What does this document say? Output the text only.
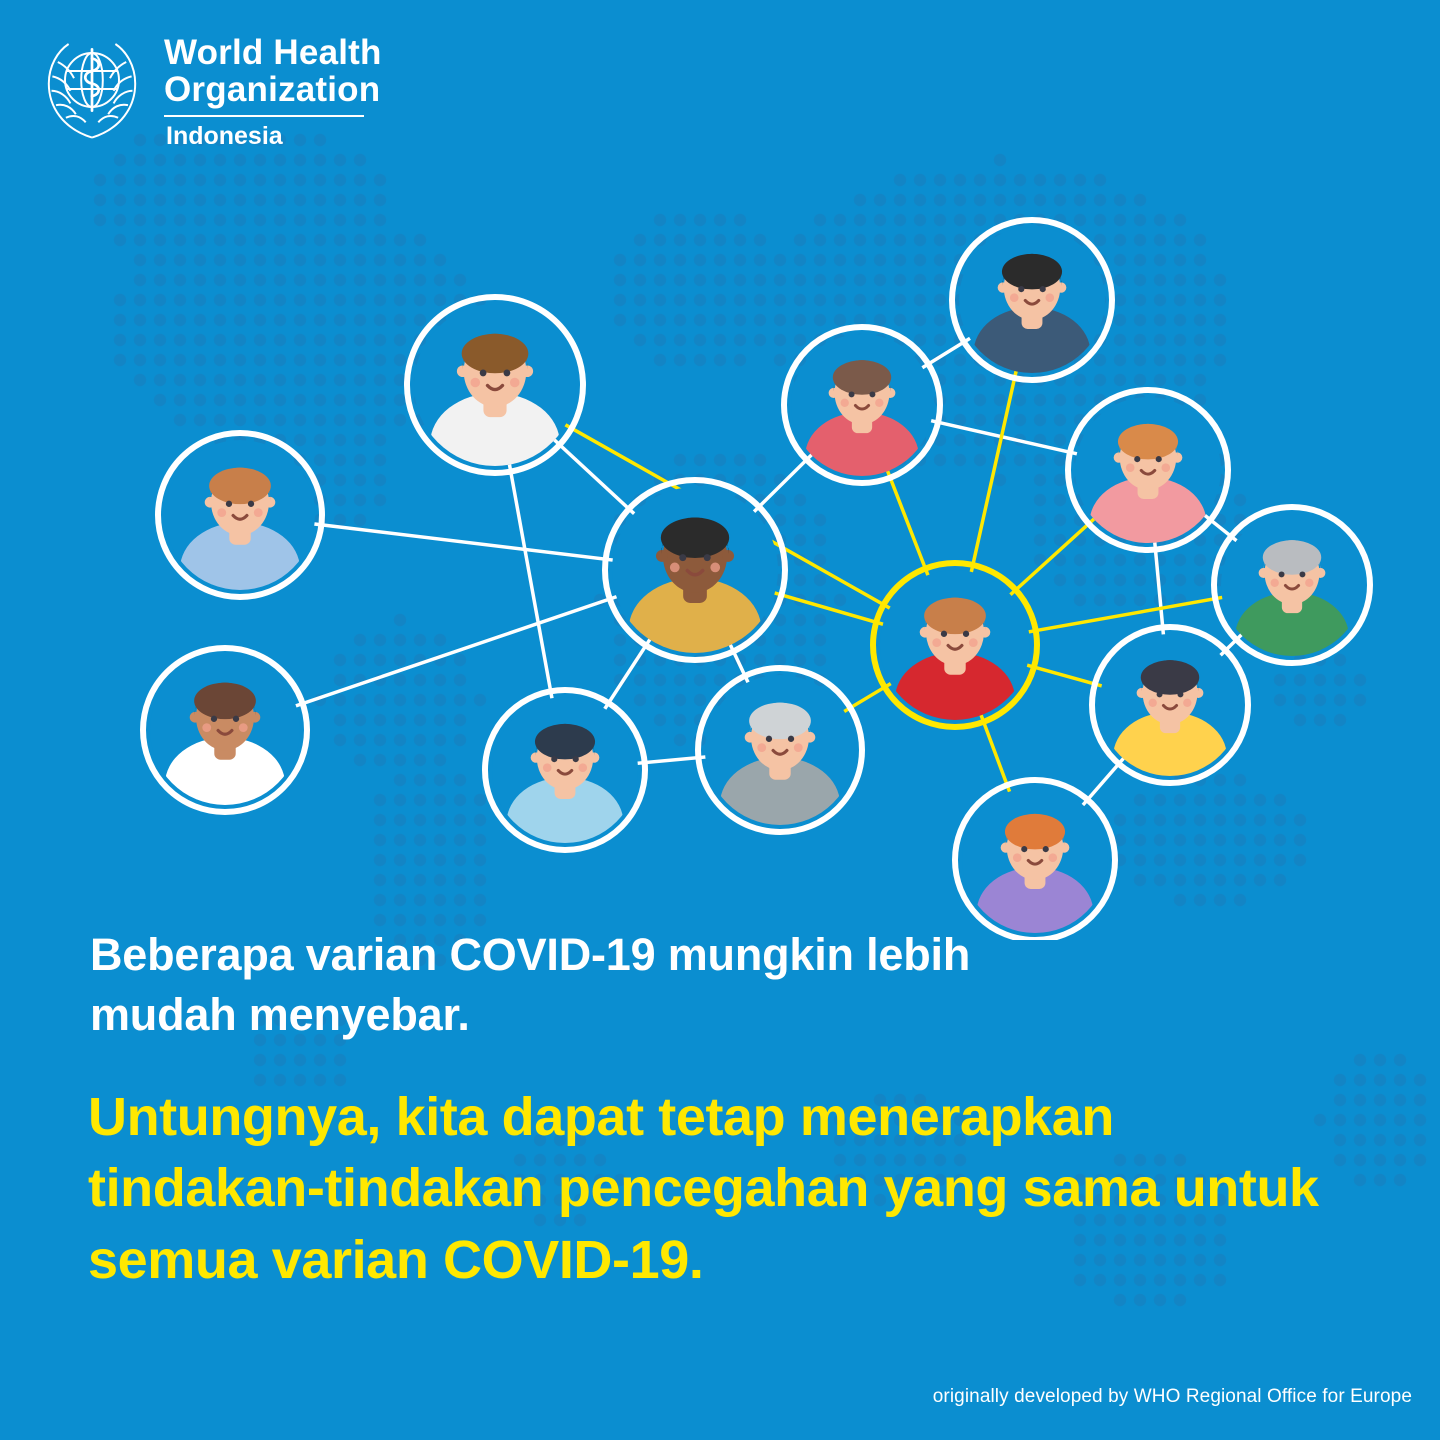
World Health
Organization
Indonesia
Beberapa varian COVID-19 mungkin lebih mudah menyebar.
Untungnya, kita dapat tetap menerapkan tindakan-tindakan pencegahan yang sama untuk semua varian COVID-19.
originally developed by WHO Regional Office for Europe
